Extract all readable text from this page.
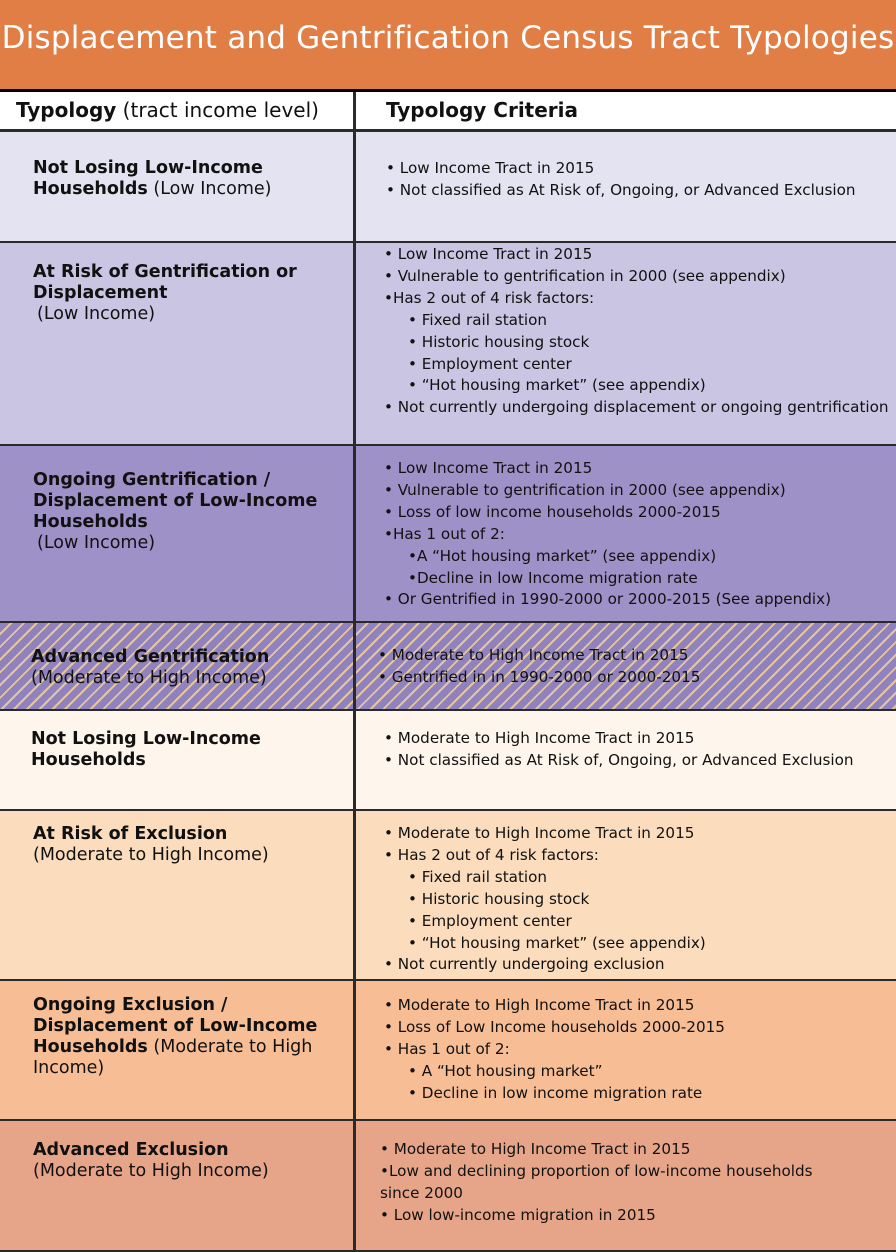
Displacement and Gentrification Census Tract Typologies
Typology (tract income level)	Typology Criteria
Not Losing Low-Income Households (Low Income)
• Low Income Tract in 2015
• Not classified as At Risk of, Ongoing, or Advanced Exclusion
At Risk of Gentrification or Displacement
(Low Income)
• Low Income Tract in 2015
• Vulnerable to gentrification in 2000 (see appendix)
•Has 2 out of 4 risk factors:
• Fixed rail station
• Historic housing stock
• Employment center
• “Hot housing market” (see appendix)
• Not currently undergoing displacement or ongoing gentrification
Ongoing Gentrification / Displacement of Low-Income Households
(Low Income)
• Low Income Tract in 2015
• Vulnerable to gentrification in 2000 (see appendix)
• Loss of low income households 2000-2015
•Has 1 out of 2:
•A “Hot housing market” (see appendix)
•Decline in low Income migration rate
• Or Gentrified in 1990-2000 or 2000-2015 (See appendix)
Advanced Gentrification
(Moderate to High Income)
• Moderate to High Income Tract in 2015
• Gentrified in in 1990-2000 or 2000-2015
Not Losing Low-Income Households
• Moderate to High Income Tract in 2015
• Not classified as At Risk of, Ongoing, or Advanced Exclusion
At Risk of Exclusion
(Moderate to High Income)
• Moderate to High Income Tract in 2015
• Has 2 out of 4 risk factors:
• Fixed rail station
• Historic housing stock
• Employment center
• “Hot housing market” (see appendix)
• Not currently undergoing exclusion
Ongoing Exclusion / Displacement of Low-Income Households (Moderate to High Income)
• Moderate to High Income Tract in 2015
• Loss of Low Income households 2000-2015
• Has 1 out of 2:
• A “Hot housing market”
• Decline in low income migration rate
Advanced Exclusion
(Moderate to High Income)
• Moderate to High Income Tract in 2015
•Low and declining proportion of low-income households
since 2000
• Low low-income migration in 2015
